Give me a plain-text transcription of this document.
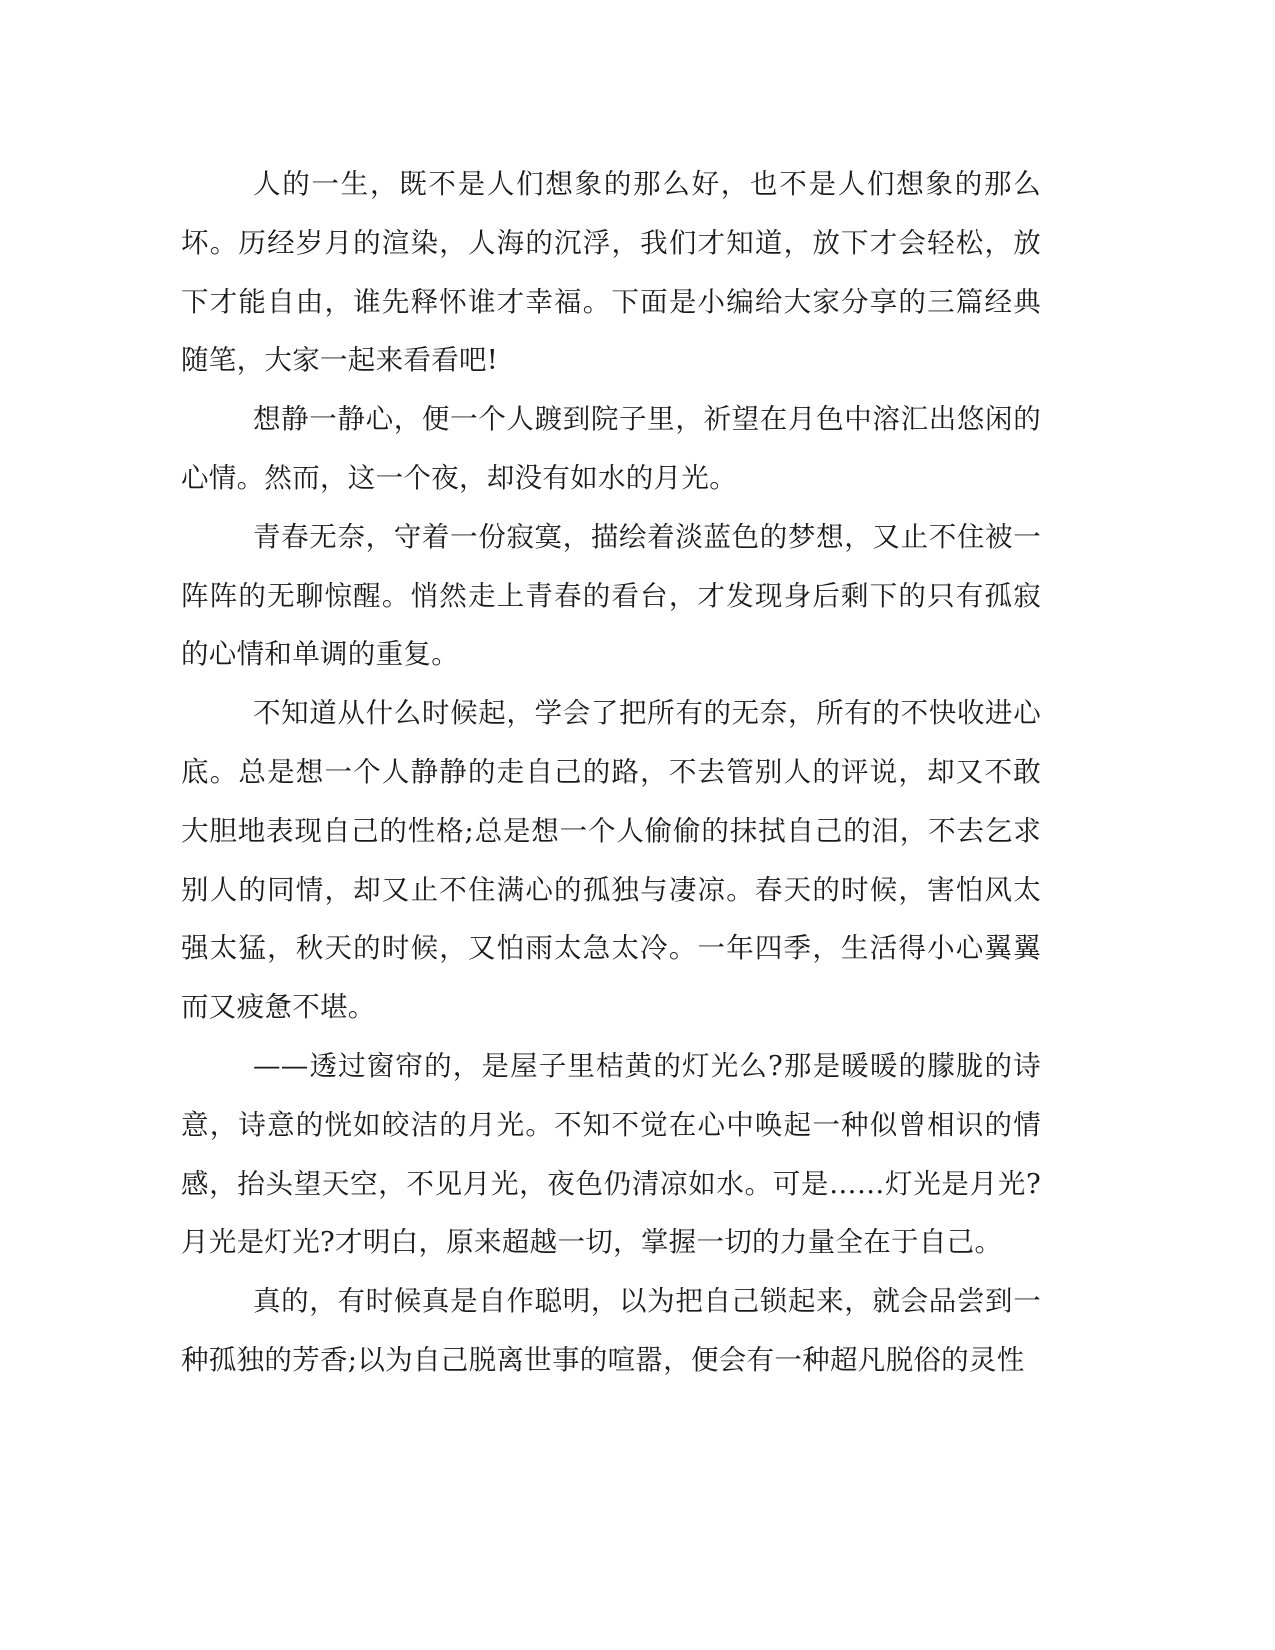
人的一生，既不是人们想象的那么好，也不是人们想象的那么坏。历经岁月的渲染，人海的沉浮，我们才知道，放下才会轻松，放下才能自由，谁先释怀谁才幸福。下面是小编给大家分享的三篇经典随笔，大家一起来看看吧!

想静一静心，便一个人踱到院子里，祈望在月色中溶汇出悠闲的心情。然而，这一个夜，却没有如水的月光。

青春无奈，守着一份寂寞，描绘着淡蓝色的梦想，又止不住被一阵阵的无聊惊醒。悄然走上青春的看台，才发现身后剩下的只有孤寂的心情和单调的重复。

不知道从什么时候起，学会了把所有的无奈，所有的不快收进心底。总是想一个人静静的走自己的路，不去管别人的评说，却又不敢大胆地表现自己的性格;总是想一个人偷偷的抹拭自己的泪，不去乞求别人的同情，却又止不住满心的孤独与凄凉。春天的时候，害怕风太强太猛，秋天的时候，又怕雨太急太冷。一年四季，生活得小心翼翼而又疲惫不堪。

——透过窗帘的，是屋子里桔黄的灯光么?那是暖暖的朦胧的诗意，诗意的恍如皎洁的月光。不知不觉在心中唤起一种似曾相识的情感，抬头望天空，不见月光，夜色仍清凉如水。可是……灯光是月光?月光是灯光?才明白，原来超越一切，掌握一切的力量全在于自己。

真的，有时候真是自作聪明，以为把自己锁起来，就会品尝到一种孤独的芳香;以为自己脱离世事的喧嚣，便会有一种超凡脱俗的灵性
